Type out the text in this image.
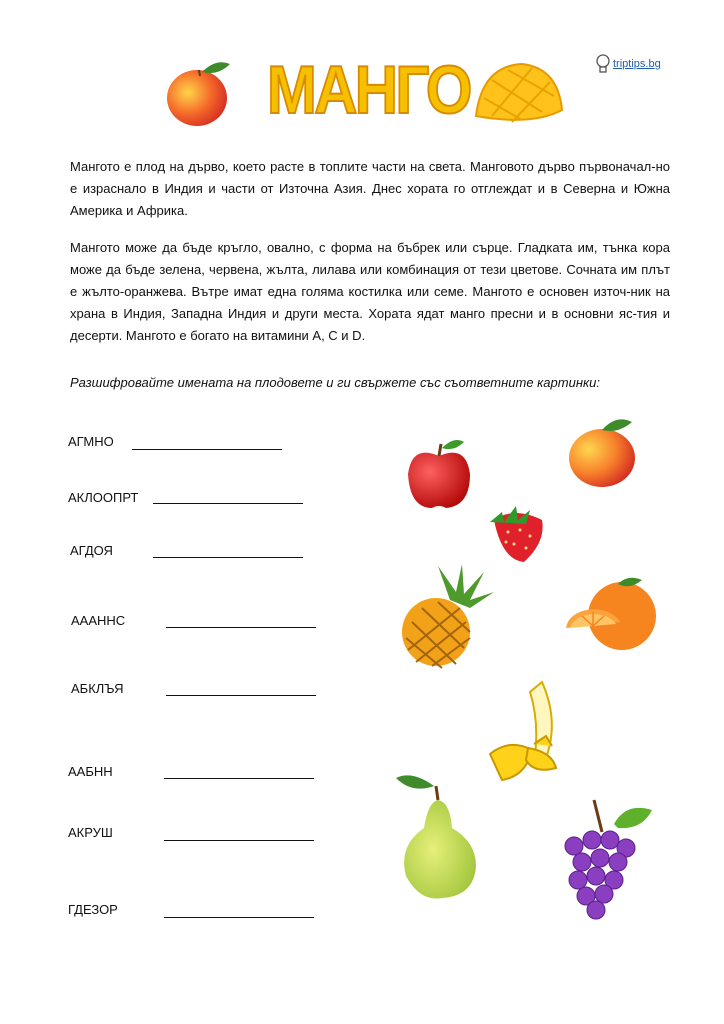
МАНГО	triptips.bg
Мангото е плод на дърво, което расте в топлите части на света. Манговото дърво първоначал-но е израснало в Индия и части от Източна Азия. Днес хората го отглеждат и в Северна и Южна Америка и Африка.
Мангото може да бъде кръгло, овално, с форма на бъбрек или сърце. Гладката им, тънка кора може да бъде зелена, червена, жълта, лилава или комбинация от тези цветове. Сочната им плът е жълто-оранжева. Вътре имат една голяма костилка или семе. Мангото е основен източ-ник на храна в Индия, Западна Индия и други места. Хората ядат манго пресни и в основни яс-тия и десерти. Мангото е богато на витамини А, С и D.
Разшифровайте имената на плодовете и ги свържете със съответните картинки:
АГМНО
АКЛООПРТ
АГДОЯ
АААННС
АБКЛЪЯ
ААБНН
АКРУШ
ГДЕЗОР
